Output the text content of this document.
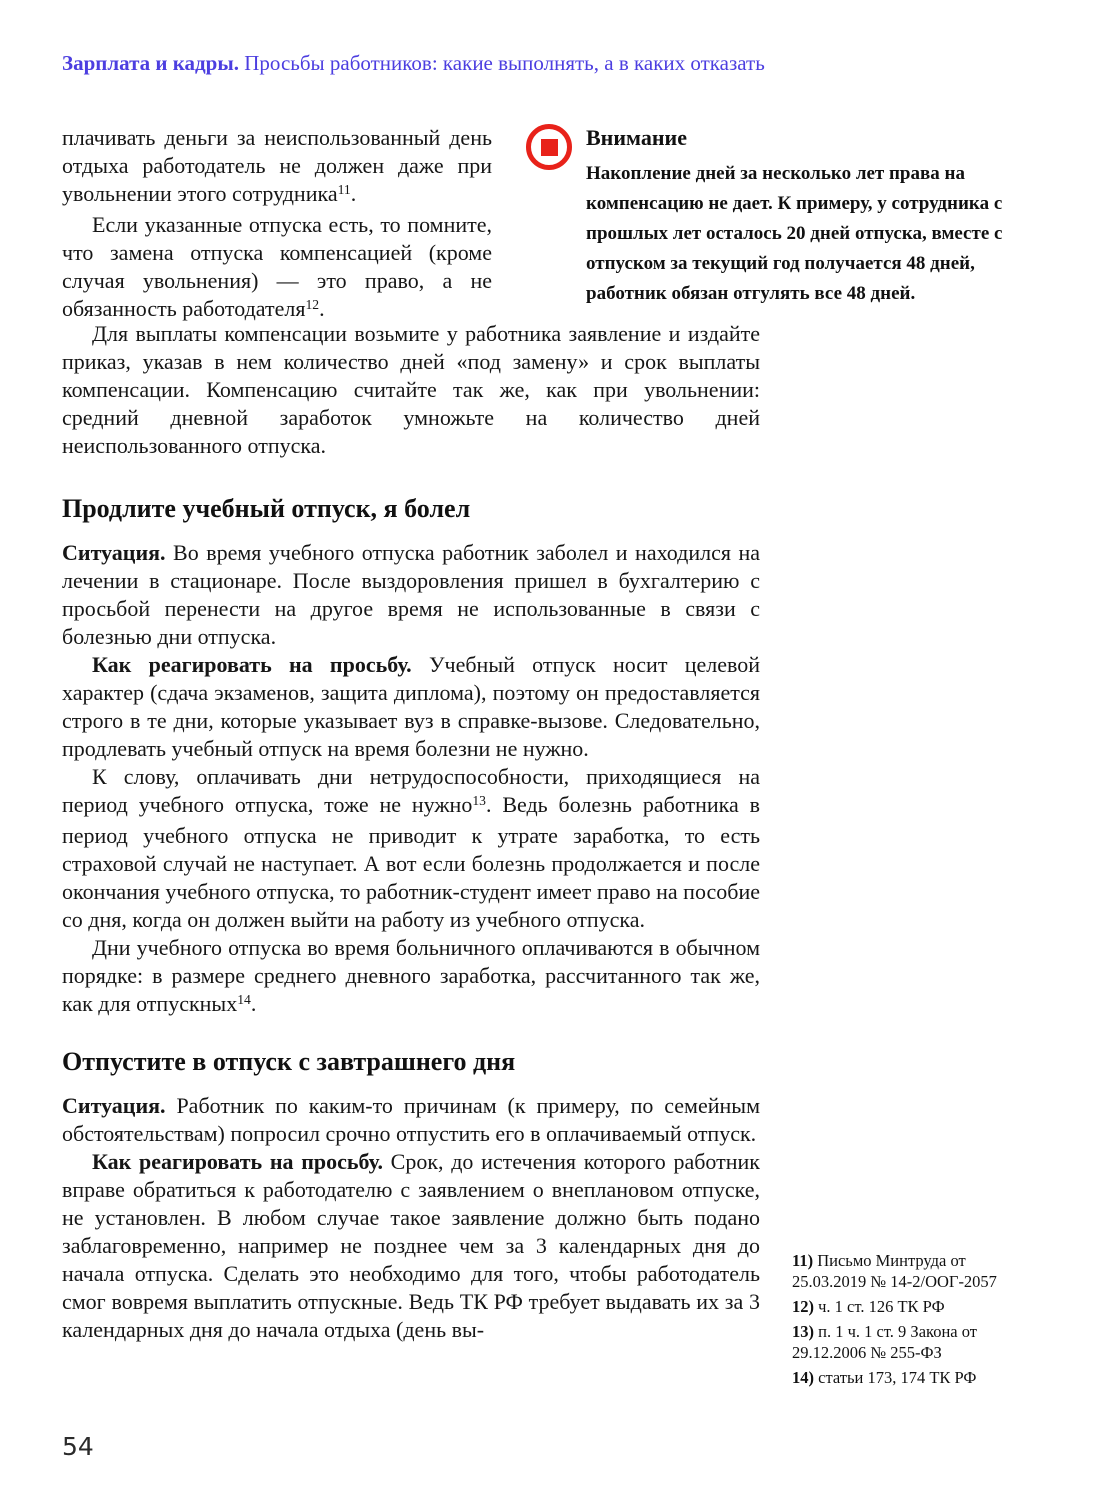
Зарплата и кадры. Просьбы работников: какие выполнять, а в каких отказать

плачивать деньги за неиспользованный день отдыха работодатель не должен даже при увольнении этого сотрудника$^{11}$.

Если указанные отпуска есть, то помните, что замена отпуска компенсацией (кроме случая увольнения) — это право, а не обязанность работодателя$^{12}$.

Внимание

Накопление дней за несколько лет права на компенсацию не дает. К примеру, у сотрудника с прошлых лет осталось 20 дней отпуска, вместе с отпуском за текущий год получается 48 дней, работник обязан отгулять все 48 дней.

Для выплаты компенсации возьмите у работника заявление и издайте приказ, указав в нем количество дней «под замену» и срок выплаты компенсации. Компенсацию считайте так же, как при увольнении: средний дневной заработок умножьте на количество дней неиспользованного отпуска.

Продлите учебный отпуск, я болел

Ситуация. Во время учебного отпуска работник заболел и находился на лечении в стационаре. После выздоровления пришел в бухгалтерию с просьбой перенести на другое время не использованные в связи с болезнью дни отпуска.

Как реагировать на просьбу. Учебный отпуск носит целевой характер (сдача экзаменов, защита диплома), поэтому он предоставляется строго в те дни, которые указывает вуз в справке-вызове. Следовательно, продлевать учебный отпуск на время болезни не нужно.

К слову, оплачивать дни нетрудоспособности, приходящиеся на период учебного отпуска, тоже не нужно$^{13}$. Ведь болезнь работника в период учебного отпуска не приводит к утрате заработка, то есть страховой случай не наступает. А вот если болезнь продолжается и после окончания учебного отпуска, то работник-студент имеет право на пособие со дня, когда он должен выйти на работу из учебного отпуска.

Дни учебного отпуска во время больничного оплачиваются в обычном порядке: в размере среднего дневного заработка, рассчитанного так же, как для отпускных$^{14}$.

Отпустите в отпуск с завтрашнего дня

Ситуация. Работник по каким-то причинам (к примеру, по семейным обстоятельствам) попросил срочно отпустить его в оплачиваемый отпуск.

Как реагировать на просьбу. Срок, до истечения которого работник вправе обратиться к работодателю с заявлением о внеплановом отпуске, не установлен. В любом случае такое заявление должно быть подано заблаговременно, например не позднее чем за 3 календарных дня до начала отпуска. Сделать это необходимо для того, чтобы работодатель смог вовремя выплатить отпускные. Ведь ТК РФ требует выдавать их за 3 календарных дня до начала отдыха (день вы-

11) Письмо Минтруда от 25.03.2019 № 14-2/ООГ-2057
12) ч. 1 ст. 126 ТК РФ
13) п. 1 ч. 1 ст. 9 Закона от 29.12.2006 № 255-ФЗ
14) статьи 173, 174 ТК РФ
54
